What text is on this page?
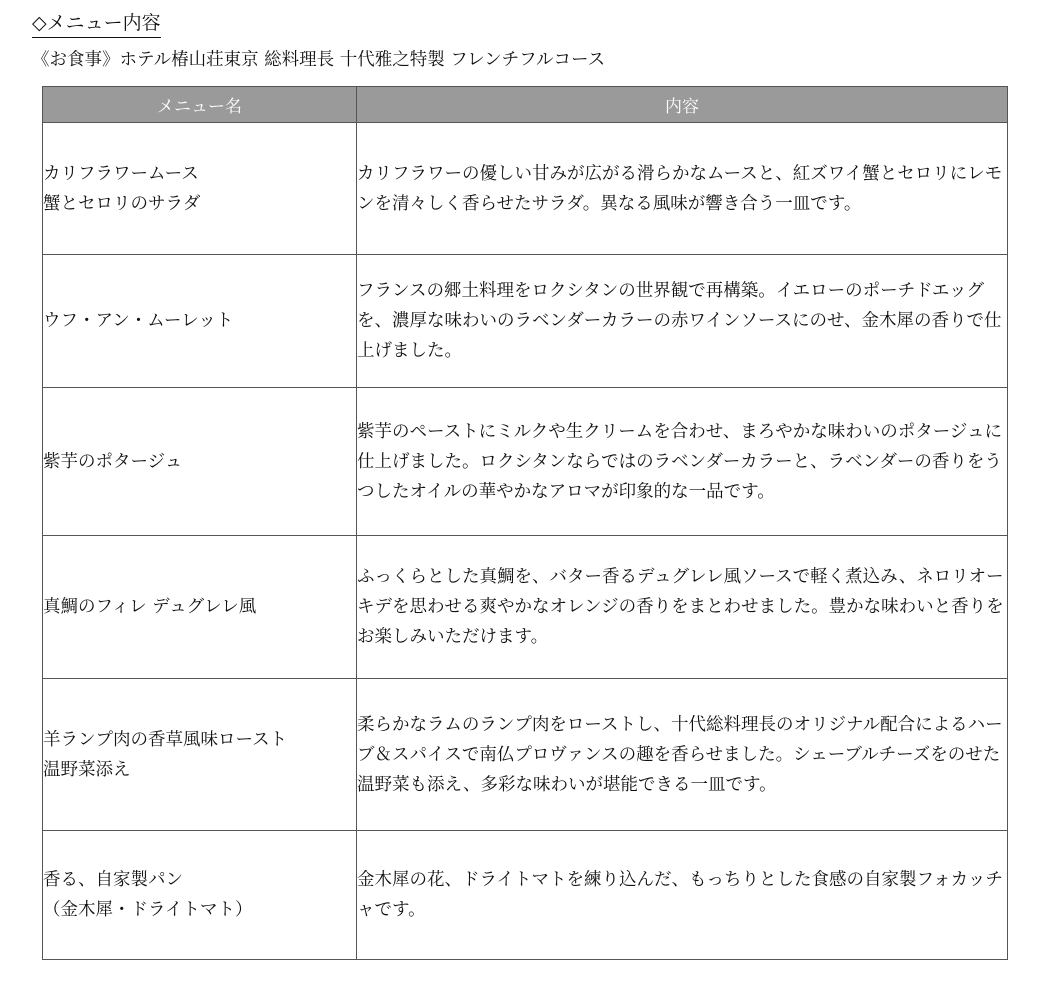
◇メニュー内容
《お食事》ホテル椿山荘東京 総料理長 十代雅之特製 フレンチフルコース
メニュー名	内容

カリフラワームース
蟹とセロリのサラダ	カリフラワーの優しい甘みが広がる滑らかなムースと、紅ズワイ蟹とセロリにレモンを清々しく香らせたサラダ。異なる風味が響き合う一皿です。
ウフ・アン・ムーレット	フランスの郷土料理をロクシタンの世界観で再構築。イエローのポーチドエッグを、濃厚な味わいのラベンダーカラーの赤ワインソースにのせ、金木犀の香りで仕上げました。
紫芋のポタージュ	紫芋のペーストにミルクや生クリームを合わせ、まろやかな味わいのポタージュに仕上げました。ロクシタンならではのラベンダーカラーと、ラベンダーの香りをうつしたオイルの華やかなアロマが印象的な一品です。
真鯛のフィレ デュグレレ風	ふっくらとした真鯛を、バター香るデュグレレ風ソースで軽く煮込み、ネロリオーキデを思わせる爽やかなオレンジの香りをまとわせました。豊かな味わいと香りをお楽しみいただけます。

羊ランプ肉の香草風味ロースト
温野菜添え	柔らかなラムのランプ肉をローストし、十代総料理長のオリジナル配合によるハーブ＆スパイスで南仏プロヴァンスの趣を香らせました。シェーブルチーズをのせた温野菜も添え、多彩な味わいが堪能できる一皿です。

香る、自家製パン
（金木犀・ドライトマト）	金木犀の花、ドライトマトを練り込んだ、もっちりとした食感の自家製フォカッチャです。
